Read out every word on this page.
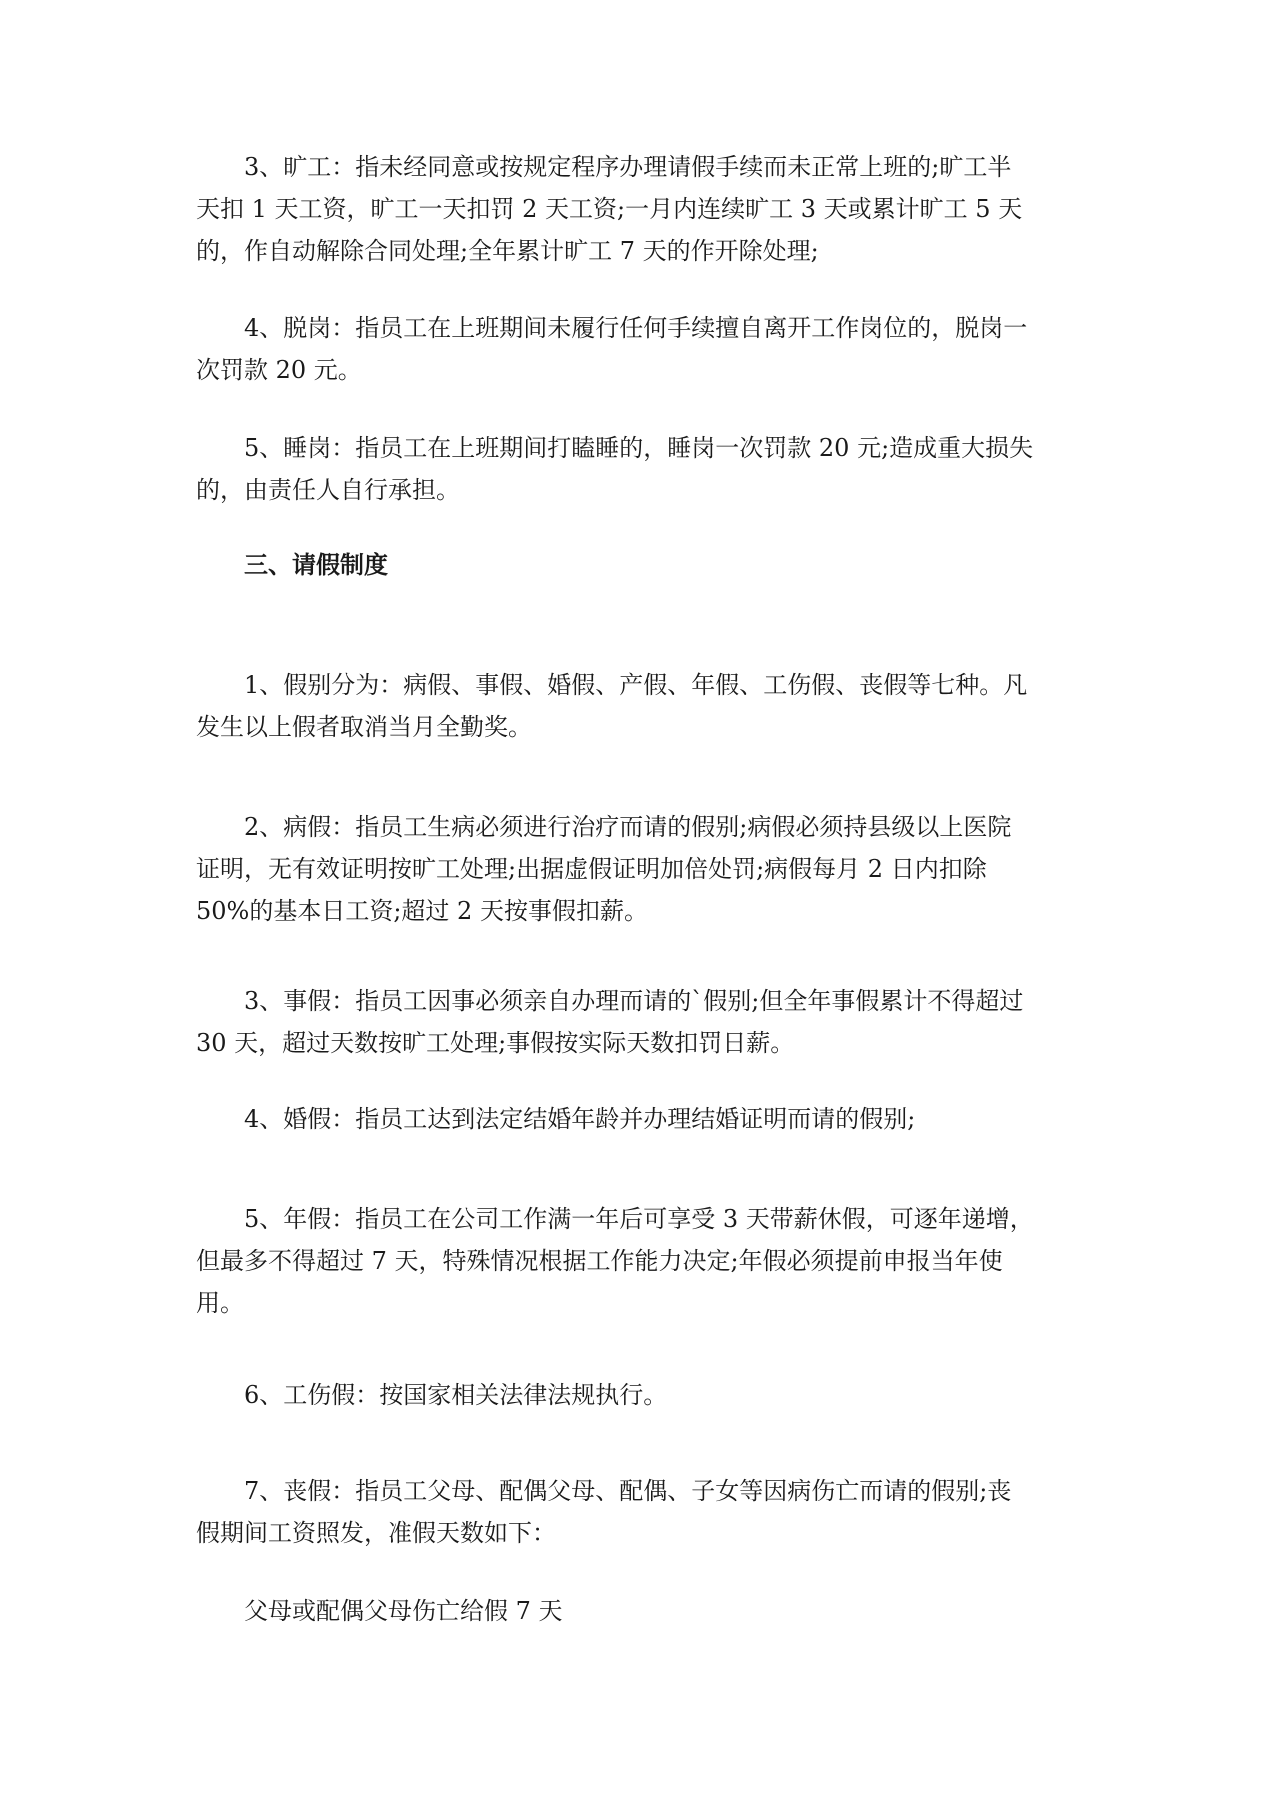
3、旷工：指未经同意或按规定程序办理请假手续而未正常上班的;旷工半
天扣 1 天工资，旷工一天扣罚 2 天工资;一月内连续旷工 3 天或累计旷工 5 天
的，作自动解除合同处理;全年累计旷工 7 天的作开除处理;
4、脱岗：指员工在上班期间未履行任何手续擅自离开工作岗位的，脱岗一
次罚款 20 元。
5、睡岗：指员工在上班期间打瞌睡的，睡岗一次罚款 20 元;造成重大损失
的，由责任人自行承担。
三、请假制度
1、假别分为：病假、事假、婚假、产假、年假、工伤假、丧假等七种。凡
发生以上假者取消当月全勤奖。
2、病假：指员工生病必须进行治疗而请的假别;病假必须持县级以上医院
证明，无有效证明按旷工处理;出据虚假证明加倍处罚;病假每月 2 日内扣除
50%的基本日工资;超过 2 天按事假扣薪。
3、事假：指员工因事必须亲自办理而请的`假别;但全年事假累计不得超过
30 天，超过天数按旷工处理;事假按实际天数扣罚日薪。
4、婚假：指员工达到法定结婚年龄并办理结婚证明而请的假别;
5、年假：指员工在公司工作满一年后可享受 3 天带薪休假，可逐年递增，
但最多不得超过 7 天，特殊情况根据工作能力决定;年假必须提前申报当年使
用。
6、工伤假：按国家相关法律法规执行。
7、丧假：指员工父母、配偶父母、配偶、子女等因病伤亡而请的假别;丧
假期间工资照发，准假天数如下：
父母或配偶父母伤亡给假 7 天
